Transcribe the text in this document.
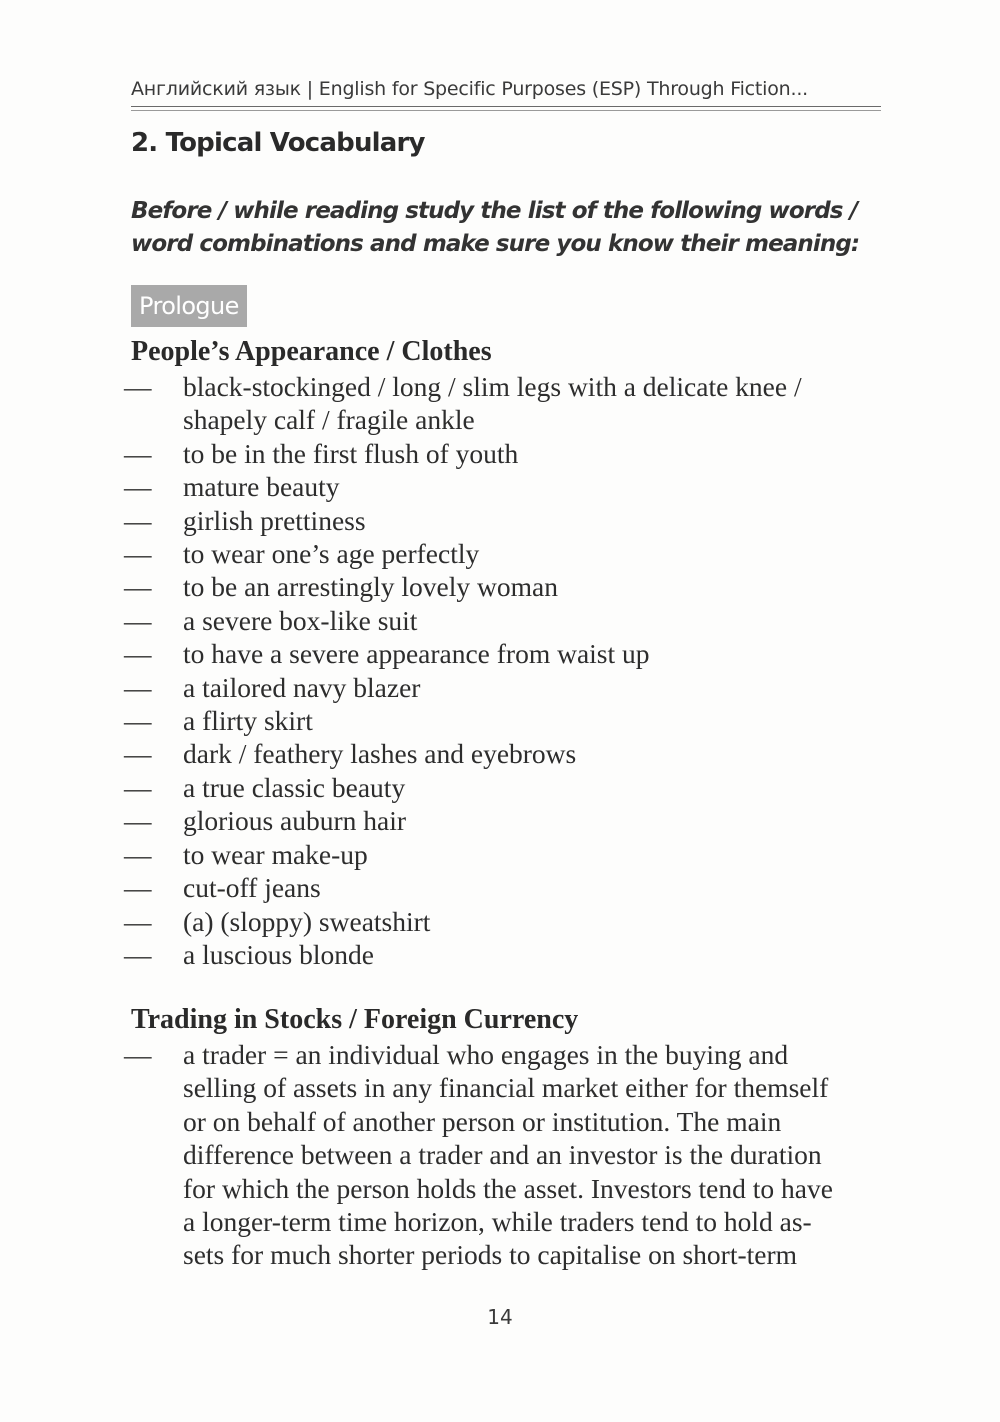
Английский язык | English for Specific Purposes (ESP) Through Fiction...
2. Topical Vocabulary
Before / while reading study the list of the following words /
word combinations and make sure you know their meaning:
Prologue
People’s Appearance / Clothes
— black-stockinged / long / slim legs with a delicate knee /
shapely calf / fragile ankle
— to be in the first flush of youth
— mature beauty
— girlish prettiness
— to wear one’s age perfectly
— to be an arrestingly lovely woman
— a severe box-like suit
— to have a severe appearance from waist up
— a tailored navy blazer
— a flirty skirt
— dark / feathery lashes and eyebrows
— a true classic beauty
— glorious auburn hair
— to wear make-up
— cut-off jeans
— (a) (sloppy) sweatshirt
— a luscious blonde
Trading in Stocks / Foreign Currency
— a trader = an individual who engages in the buying and
selling of assets in any financial market either for themself
or on behalf of another person or institution. The main
difference between a trader and an investor is the duration
for which the person holds the asset. Investors tend to have
a longer-term time horizon, while traders tend to hold as-
sets for much shorter periods to capitalise on short-term
14
